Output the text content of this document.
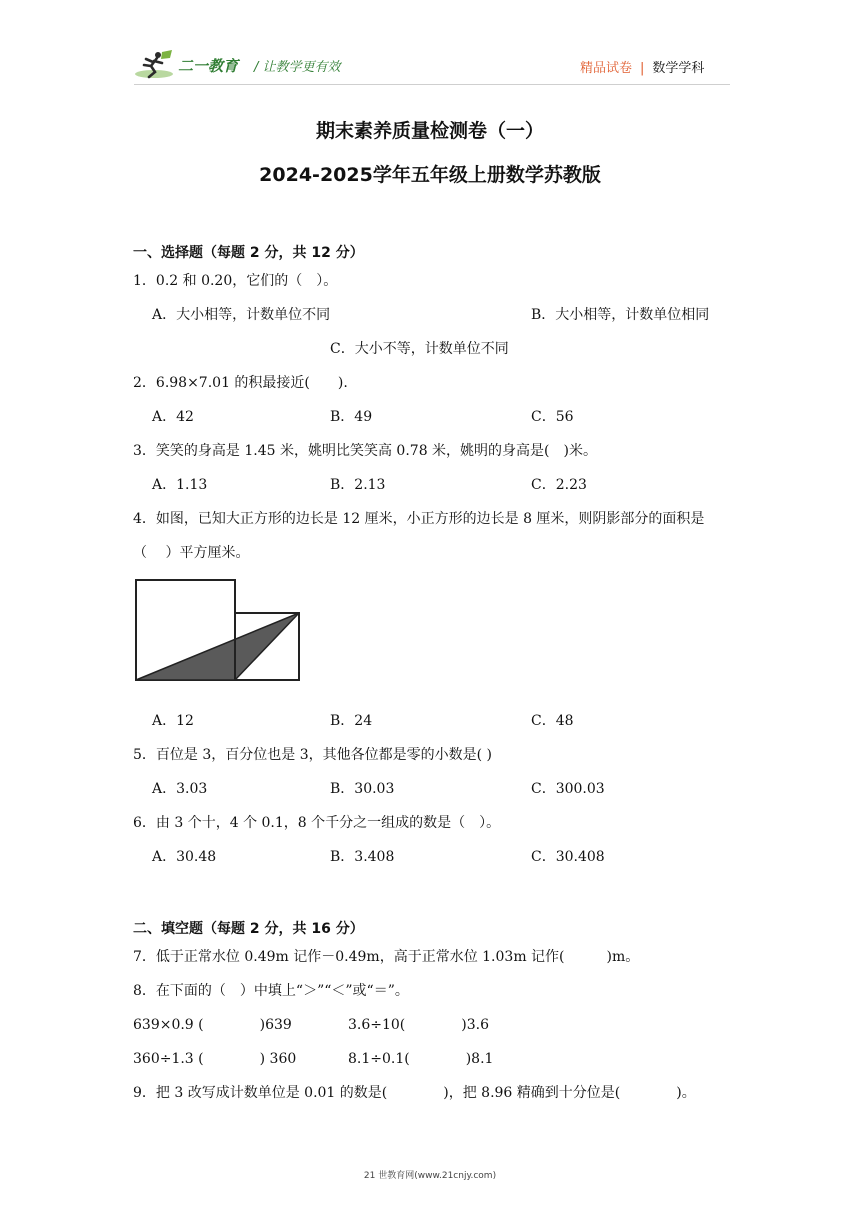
二一教育 / 让教学更有效	精品试卷 | 数学学科
期末素养质量检测卷（一）
2024-2025学年五年级上册数学苏教版
一、选择题（每题 2 分，共 12 分）
1．0.2 和 0.20，它们的（　）。
A．大小相等，计数单位不同	B．大小相等，计数单位相同
C．大小不等，计数单位不同
2．6.98×7.01 的积最接近(　　).
A．42	B．49	C．56
3．笑笑的身高是 1.45 米，姚明比笑笑高 0.78 米，姚明的身高是(　)米。
A．1.13	B．2.13	C．2.23
4．如图，已知大正方形的边长是 12 厘米，小正方形的边长是 8 厘米，则阴影部分的面积是
（　 ）平方厘米。
A．12	B．24	C．48
5．百位是 3，百分位也是 3，其他各位都是零的小数是( )
A．3.03	B．30.03	C．300.03
6．由 3 个十，4 个 0.1，8 个千分之一组成的数是（　）。
A．30.48	B．3.408	C．30.408
二、填空题（每题 2 分，共 16 分）
7．低于正常水位 0.49m 记作－0.49m，高于正常水位 1.03m 记作(　　　)m。
8．在下面的（　）中填上“＞”“＜”或“＝”。
639×0.9 (　　　　)639	3.6÷10(　　　　)3.6
360÷1.3 (　　　　) 360	8.1÷0.1(　　　　)8.1
9．把 3 改写成计数单位是 0.01 的数是(　　　　)，把 8.96 精确到十分位是(　　　　)。
21 世教育网(www.21cnjy.com)
